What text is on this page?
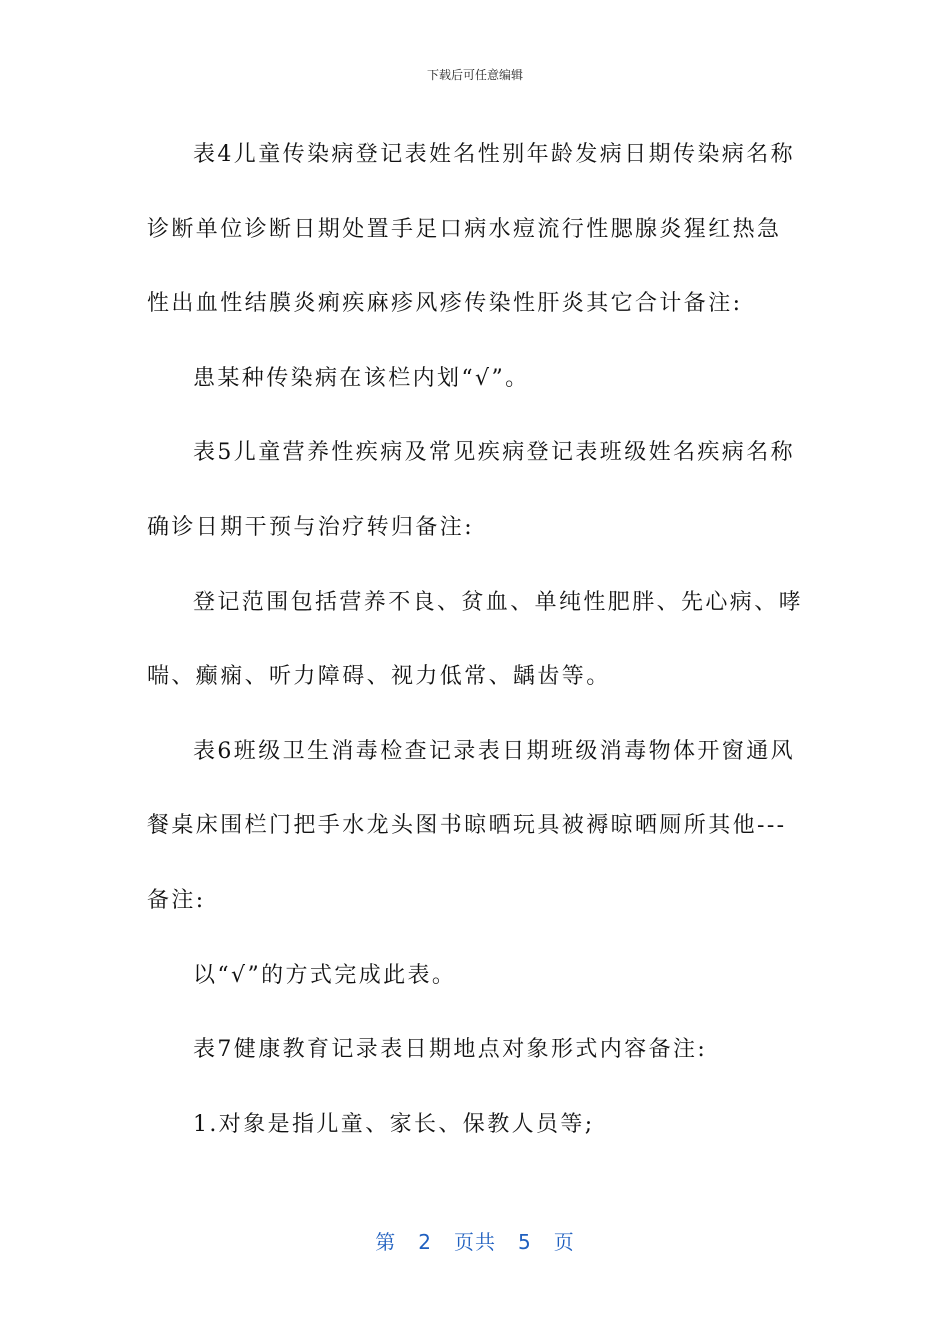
下载后可任意编辑

表4儿童传染病登记表姓名性别年龄发病日期传染病名称诊断单位诊断日期处置手足口病水痘流行性腮腺炎猩红热急性出血性结膜炎痢疾麻疹风疹传染性肝炎其它合计备注:

患某种传染病在该栏内划“√”。

表5儿童营养性疾病及常见疾病登记表班级姓名疾病名称确诊日期干预与治疗转归备注:

登记范围包括营养不良、贫血、单纯性肥胖、先心病、哮喘、癫痫、听力障碍、视力低常、龋齿等。

表6班级卫生消毒检查记录表日期班级消毒物体开窗通风餐桌床围栏门把手水龙头图书晾晒玩具被褥晾晒厕所其他---备注:

以“√”的方式完成此表。

表7健康教育记录表日期地点对象形式内容备注:

1.对象是指儿童、家长、保教人员等;

第 2 页共 5 页
